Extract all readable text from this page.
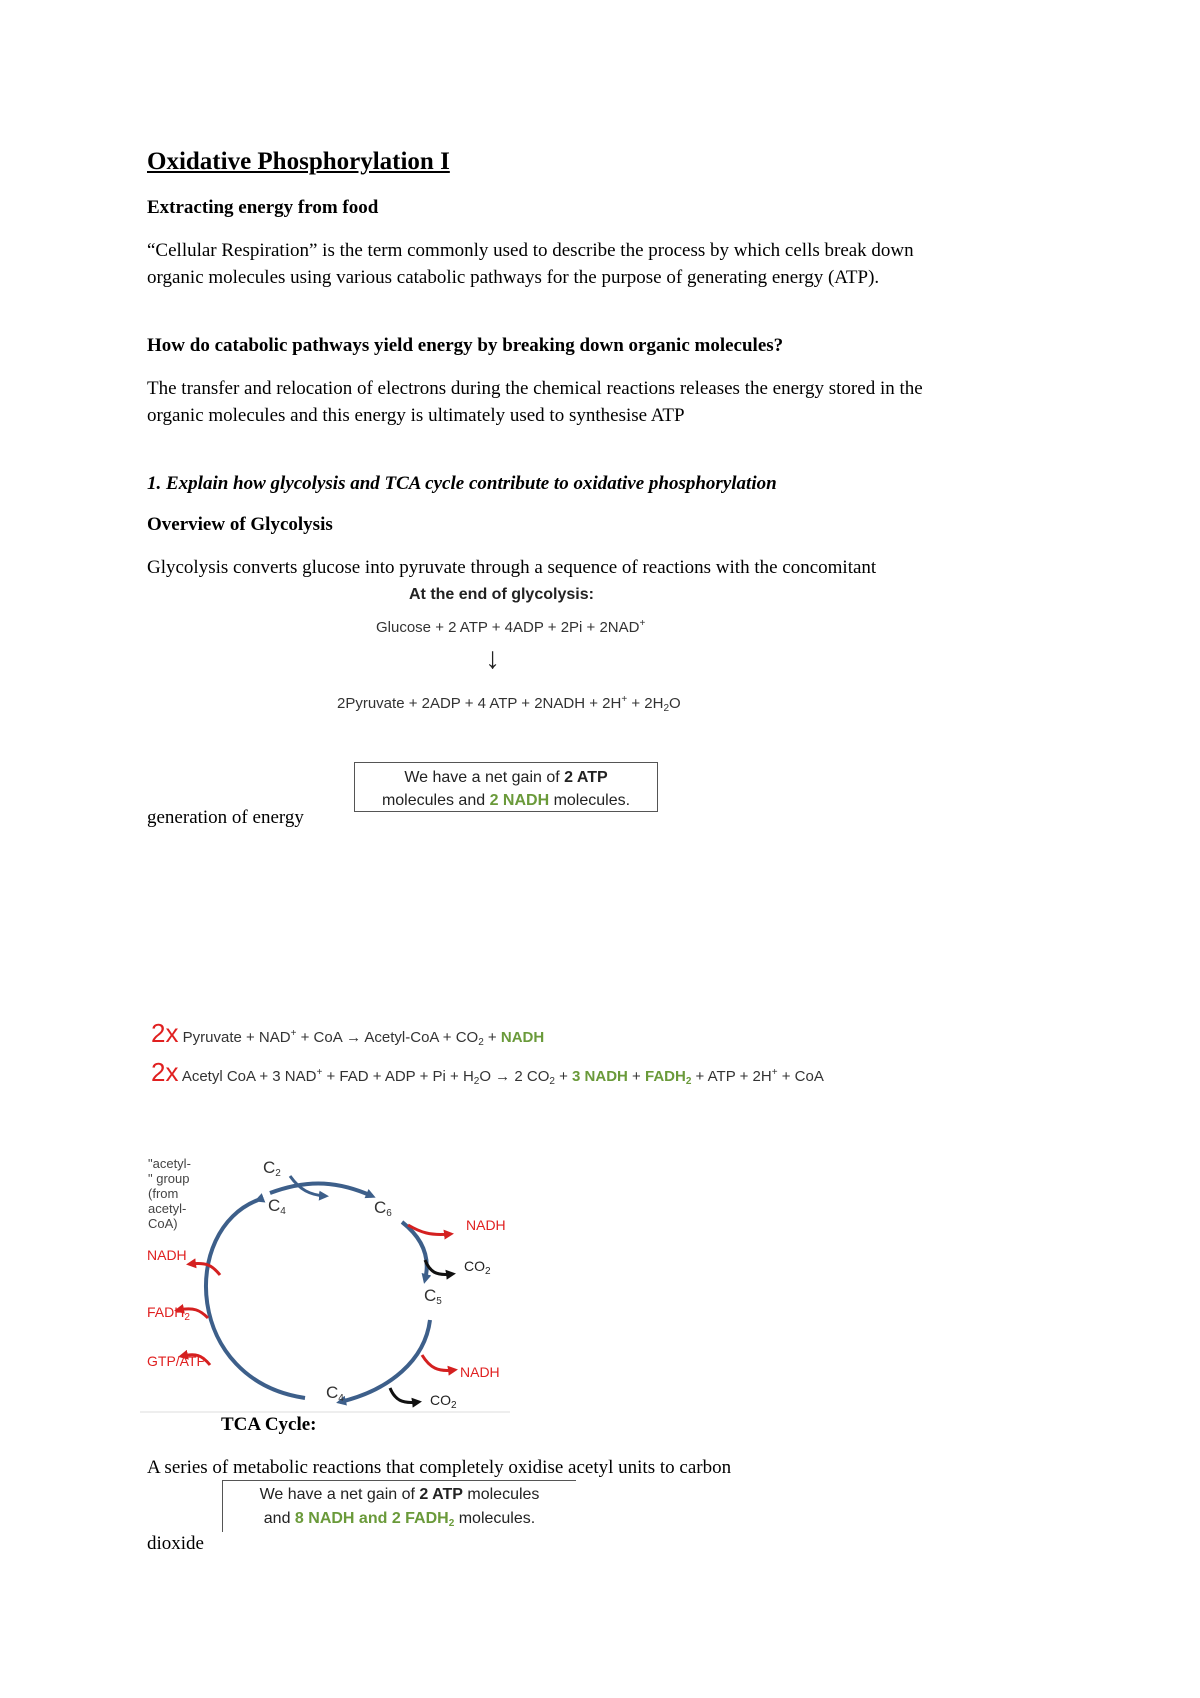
Oxidative Phosphorylation I
Extracting energy from food
“Cellular Respiration” is the term commonly used to describe the process by which cells break down
organic molecules using various catabolic pathways for the purpose of generating energy (ATP).
How do catabolic pathways yield energy by breaking down organic molecules?
The transfer and relocation of electrons during the chemical reactions releases the energy stored in the
organic molecules and this energy is ultimately used to synthesise ATP
1. Explain how glycolysis and TCA cycle contribute to oxidative phosphorylation
Overview of Glycolysis
Glycolysis converts glucose into pyruvate through a sequence of reactions with the concomitant
At the end of glycolysis:
Glucose + 2 ATP + 4ADP + 2Pi + 2NAD+
↓
2Pyruvate + 2ADP + 4 ATP + 2NADH + $2H^+ + 2H_2O$
We have a net gain of 2 ATP
molecules and 2 NADH molecules.
generation of energy
2x Pyruvate + NAD+ + CoA → Acetyl-CoA + $CO_2$ + NADH
2x Acetyl CoA + 3 NAD+ + FAD + ADP + $Pi + H_2O \to 2$ $CO_2 + 3$ NADH + $FADH_2$ + ATP + 2H+ + CoA
"acetyl-" group
(from acetyl-CoA)
$C_2$
$C_4$	$C_6$
$C_5$
$C_4$
NADH
$CO_2$
NADH
$CO_2$
NADH
$FADH_2$
GTP/ATP
TCA Cycle:
A series of metabolic reactions that completely oxidise acetyl units to carbon
We have a net gain of 2 ATP molecules
and 8 NADH and 2 $FADH_2$ molecules.
dioxide
